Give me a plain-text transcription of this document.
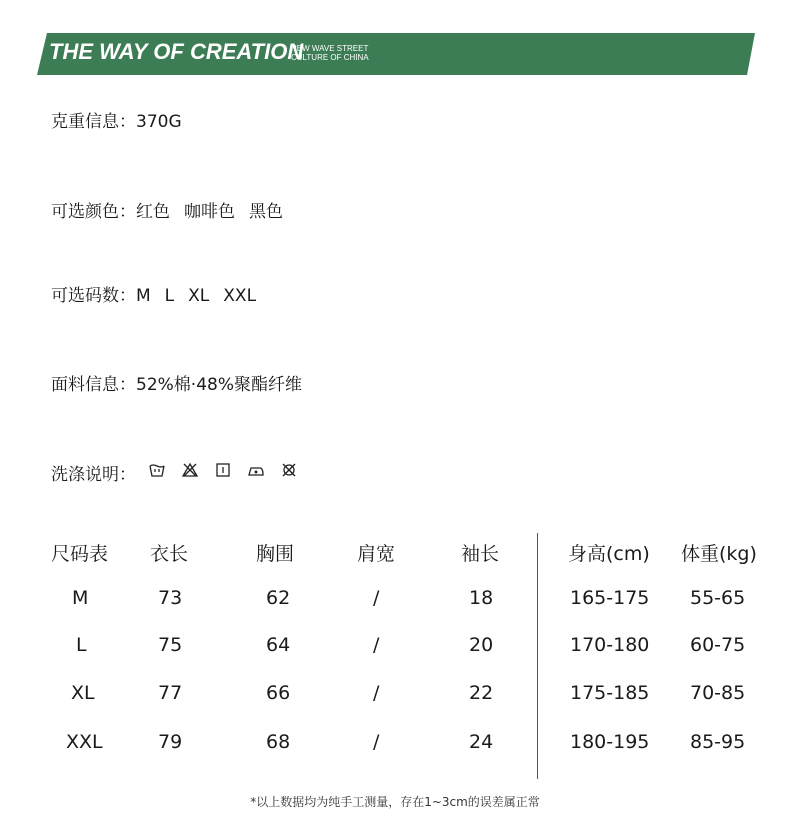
THE WAY OF CREATION
NEW WAVE STREET
CULTURE OF CHINA
克重信息：370G
可选颜色：红色 咖啡色 黑色
可选码数：M L XL XXL
面料信息：52%棉·48%聚酯纤维
洗涤说明：
尺码表 衣长	胸围	肩宽	袖长	身高(cm) 体重(kg)
M	73	62	/	18	165-175 55-65
L	75	64	/	20	170-180 60-75
XL	77	66	/	22	175-185 70-85
XXL	79	68	/	24	180-195 85-95
*以上数据均为纯手工测量，存在1~3cm的误差属正常
